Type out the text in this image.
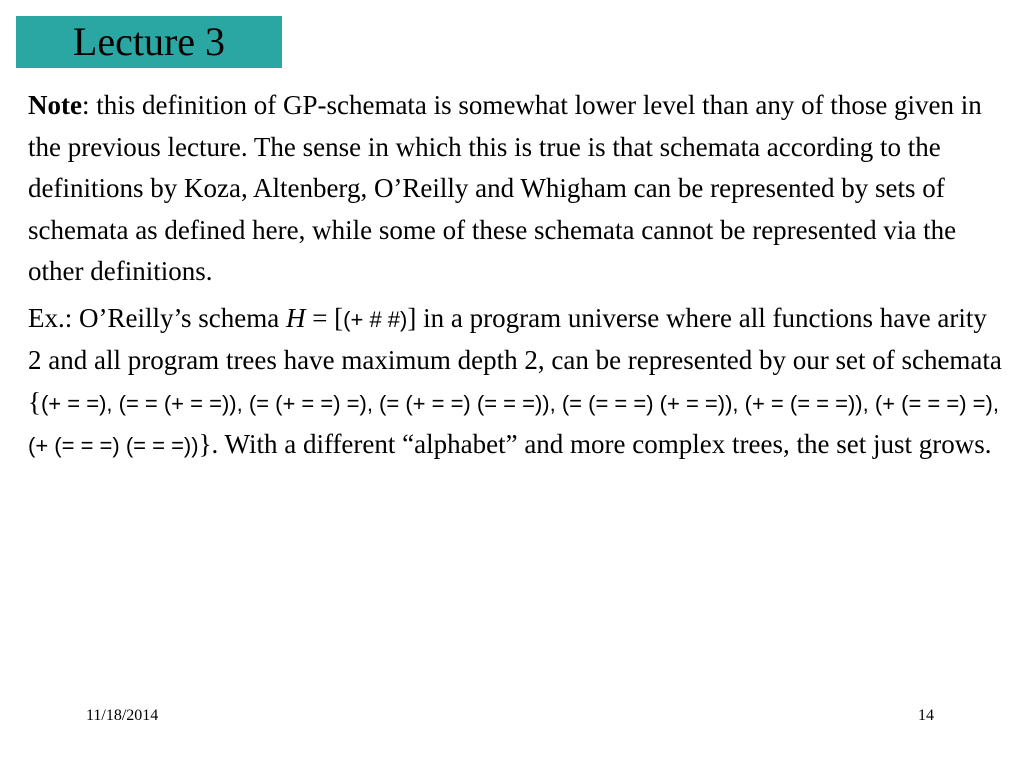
Lecture 3

Note: this definition of GP-schemata is somewhat lower level than any of those given in the previous lecture. The sense in which this is true is that schemata according to the definitions by Koza, Altenberg, O’Reilly and Whigham can be represented by sets of schemata as defined here, while some of these schemata cannot be represented via the other definitions.

Ex.: O’Reilly’s schema H = [(+ # #)] in a program universe where all functions have arity 2 and all program trees have maximum depth 2, can be represented by our set of schemata {(+ = =), (= = (+ = =)), (= (+ = =) =), (= (+ = =) (= = =)), (= (= = =) (+ = =)), (+ = (= = =)), (+ (= = =) =), (+ (= = =) (= = =))}. With a different “alphabet” and more complex trees, the set just grows.

11/18/2014	14
